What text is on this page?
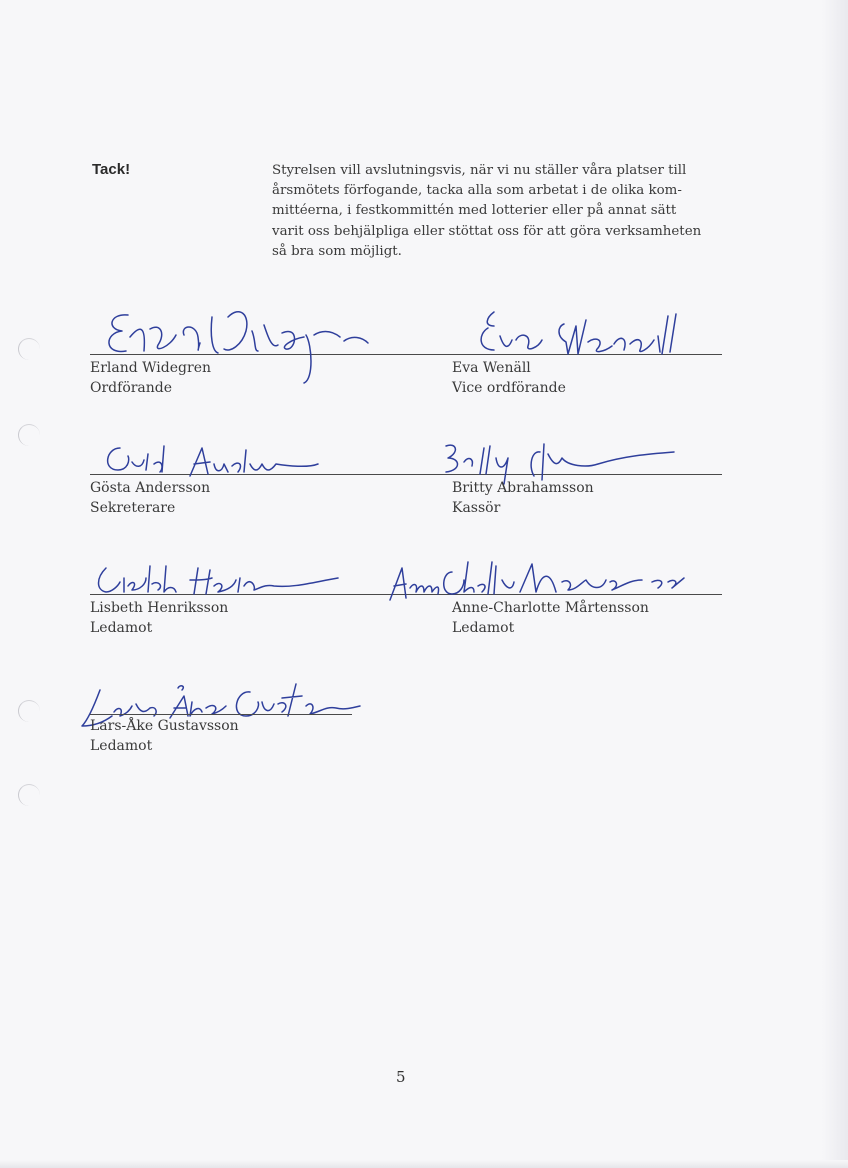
Tack!	Styrelsen vill avslutningsvis, när vi nu ställer våra platser till
årsmötets förfogande, tacka alla som arbetat i de olika kom-
mittéerna, i festkommittén med lotterier eller på annat sätt
varit oss behjälpliga eller stöttat oss för att göra verksamheten
så bra som möjligt.
Erland Widegren
Ordförande
Eva Wenäll
Vice ordförande
Gösta Andersson
Sekreterare
Britty Abrahamsson
Kassör
Lisbeth Henriksson
Ledamot
Anne-Charlotte Mårtensson
Ledamot
Lars-Åke Gustavsson
Ledamot
5
